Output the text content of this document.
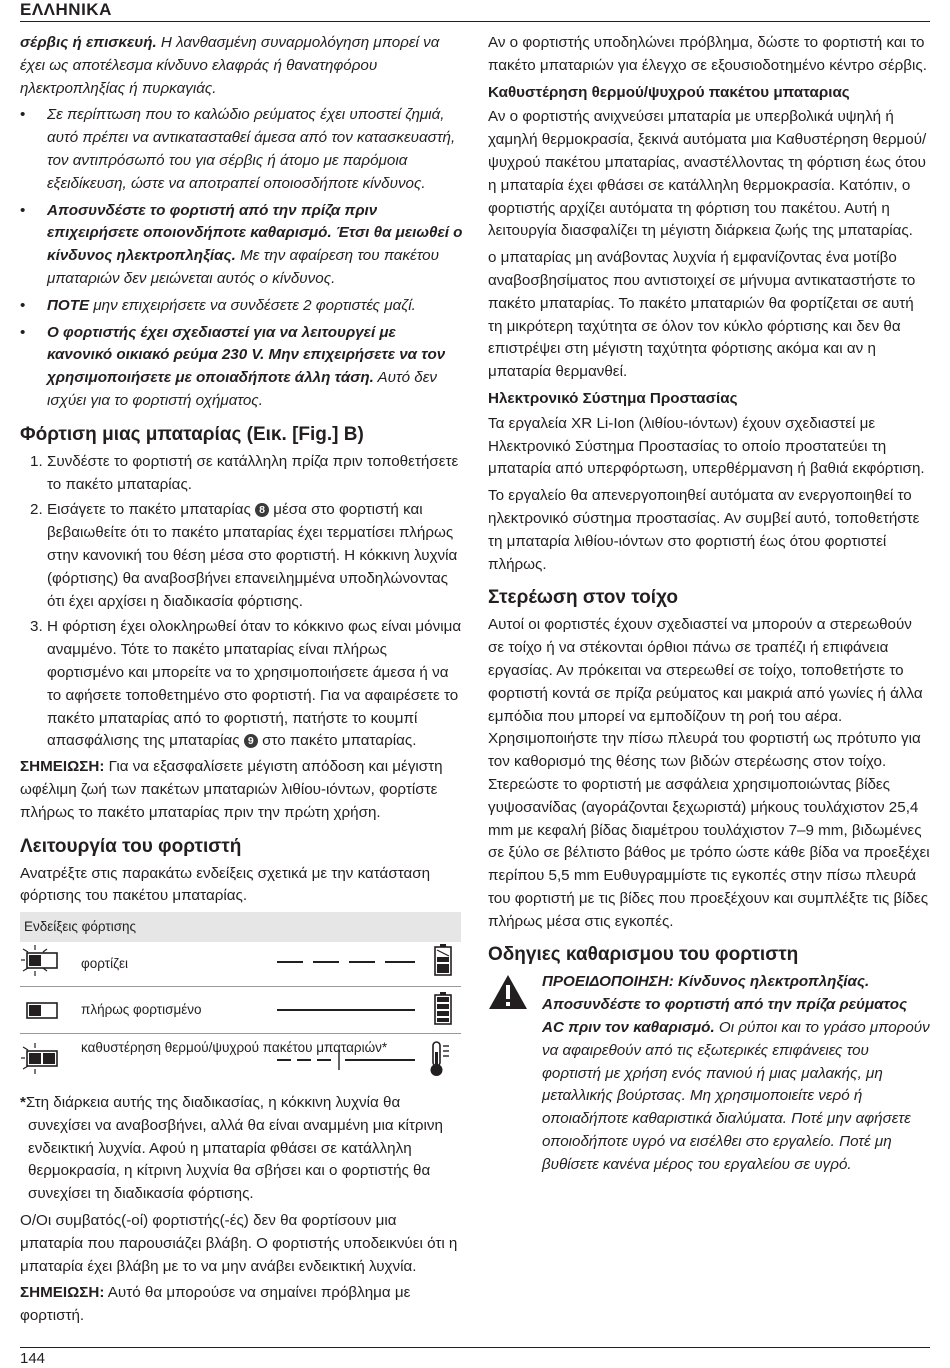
ΕΛΛΗΝΙΚΑ

σέρβις ή επισκευή. Η λανθασμένη συναρμολόγηση μπορεί να έχει ως αποτέλεσμα κίνδυνο ελαφράς ή θανατηφόρου ηλεκτροπληξίας ή πυρκαγιάς.

• Σε περίπτωση που το καλώδιο ρεύματος έχει υποστεί ζημιά, αυτό πρέπει να αντικατασταθεί άμεσα από τον κατασκευαστή, τον αντιπρόσωπό του για σέρβις ή άτομο με παρόμοια εξειδίκευση, ώστε να αποτραπεί οποιοσδήποτε κίνδυνος.

• Αποσυνδέστε το φορτιστή από την πρίζα πριν επιχειρήσετε οποιονδήποτε καθαρισμό. Έτσι θα μειωθεί ο κίνδυνος ηλεκτροπληξίας. Με την αφαίρεση του πακέτου μπαταριών δεν μειώνεται αυτός ο κίνδυνος.

• ΠΟΤΕ μην επιχειρήσετε να συνδέσετε 2 φορτιστές μαζί.

• Ο φορτιστής έχει σχεδιαστεί για να λειτουργεί με κανονικό οικιακό ρεύμα 230 V. Μην επιχειρήσετε να τον χρησιμοποιήσετε με οποιαδήποτε άλλη τάση. Αυτό δεν ισχύει για το φορτιστή οχήματος.

Φόρτιση μιας μπαταρίας (Εικ. [Fig.] B)
1. Συνδέστε το φορτιστή σε κατάλληλη πρίζα πριν τοποθετήσετε το πακέτο μπαταρίας.
2. Εισάγετε το πακέτο μπαταρίας 8 μέσα στο φορτιστή και βεβαιωθείτε ότι το πακέτο μπαταρίας έχει τερματίσει πλήρως στην κανονική του θέση μέσα στο φορτιστή. Η κόκκινη λυχνία (φόρτισης) θα αναβοσβήνει επανειλημμένα υποδηλώνοντας ότι έχει αρχίσει η διαδικασία φόρτισης.
3. Η φόρτιση έχει ολοκληρωθεί όταν το κόκκινο φως είναι μόνιμα αναμμένο. Τότε το πακέτο μπαταρίας είναι πλήρως φορτισμένο και μπορείτε να το χρησιμοποιήσετε άμεσα ή να το αφήσετε τοποθετημένο στο φορτιστή. Για να αφαιρέσετε το πακέτο μπαταρίας από το φορτιστή, πατήστε το κουμπί απασφάλισης της μπαταρίας 9 στο πακέτο μπαταρίας.

ΣΗΜΕΙΩΣΗ: Για να εξασφαλίσετε μέγιστη απόδοση και μέγιστη ωφέλιμη ζωή των πακέτων μπαταριών λιθίου-ιόντων, φορτίστε πλήρως το πακέτο μπαταρίας πριν την πρώτη χρήση.

Λειτουργία του φορτιστή

Ανατρέξτε στις παρακάτω ενδείξεις σχετικά με την κατάσταση φόρτισης του πακέτου μπαταρίας.

Ενδείξεις φόρτισης
φορτίζει
πλήρως φορτισμένο
καθυστέρηση θερμού/ψυχρού πακέτου μπαταριών*

*Στη διάρκεια αυτής της διαδικασίας, η κόκκινη λυχνία θα συνεχίσει να αναβοσβήνει, αλλά θα είναι αναμμένη μια κίτρινη ενδεικτική λυχνία. Αφού η μπαταρία φθάσει σε κατάλληλη θερμοκρασία, η κίτρινη λυχνία θα σβήσει και ο φορτιστής θα συνεχίσει τη διαδικασία φόρτισης.

Ο/Οι συμβατός(-οί) φορτιστής(-ές) δεν θα φορτίσουν μια μπαταρία που παρουσιάζει βλάβη. Ο φορτιστής υποδεικνύει ότι η μπαταρία έχει βλάβη με το να μην ανάβει ενδεικτική λυχνία.

ΣΗΜΕΙΩΣΗ: Αυτό θα μπορούσε να σημαίνει πρόβλημα με φορτιστή.

Αν ο φορτιστής υποδηλώνει πρόβλημα, δώστε το φορτιστή και το πακέτο μπαταριών για έλεγχο σε εξουσιοδοτημένο κέντρο σέρβις.

Καθυστέρηση θερμού/ψυχρού πακέτου μπαταριας

Αν ο φορτιστής ανιχνεύσει μπαταρία με υπερβολικά υψηλή ή χαμηλή θερμοκρασία, ξεκινά αυτόματα μια Καθυστέρηση θερμού/ψυχρού πακέτου μπαταρίας, αναστέλλοντας τη φόρτιση έως ότου η μπαταρία έχει φθάσει σε κατάλληλη θερμοκρασία. Κατόπιν, ο φορτιστής αρχίζει αυτόματα τη φόρτιση του πακέτου. Αυτή η λειτουργία διασφαλίζει τη μέγιστη διάρκεια ζωής της μπαταρίας.

ο μπαταρίας μη ανάβοντας λυχνία ή εμφανίζοντας ένα μοτίβο αναβοσβησίματος που αντιστοιχεί σε μήνυμα αντικαταστήστε το πακέτο μπαταρίας. Το πακέτο μπαταριών θα φορτίζεται σε αυτή τη μικρότερη ταχύτητα σε όλον τον κύκλο φόρτισης και δεν θα επιστρέψει στη μέγιστη ταχύτητα φόρτισης ακόμα και αν η μπαταρία θερμανθεί.

Ηλεκτρονικό Σύστημα Προστασίας

Τα εργαλεία XR Li-Ion (λιθίου-ιόντων) έχουν σχεδιαστεί με Ηλεκτρονικό Σύστημα Προστασίας το οποίο προστατεύει τη μπαταρία από υπερφόρτωση, υπερθέρμανση ή βαθιά εκφόρτιση.

Το εργαλείο θα απενεργοποιηθεί αυτόματα αν ενεργοποιηθεί το ηλεκτρονικό σύστημα προστασίας. Αν συμβεί αυτό, τοποθετήστε τη μπαταρία λιθίου-ιόντων στο φορτιστή έως ότου φορτιστεί πλήρως.

Στερέωση στον τοίχο

Αυτοί οι φορτιστές έχουν σχεδιαστεί να μπορούν α στερεωθούν σε τοίχο ή να στέκονται όρθιοι πάνω σε τραπέζι ή επιφάνεια εργασίας. Αν πρόκειται να στερεωθεί σε τοίχο, τοποθετήστε το φορτιστή κοντά σε πρίζα ρεύματος και μακριά από γωνίες ή άλλα εμπόδια που μπορεί να εμποδίζουν τη ροή του αέρα. Χρησιμοποιήστε την πίσω πλευρά του φορτιστή ως πρότυπο για τον καθορισμό της θέσης των βιδών στερέωσης στον τοίχο. Στερεώστε το φορτιστή με ασφάλεια χρησιμοποιώντας βίδες γυψοσανίδας (αγοράζονται ξεχωριστά) μήκους τουλάχιστον 25,4 mm με κεφαλή βίδας διαμέτρου τουλάχιστον 7–9 mm, βιδωμένες σε ξύλο σε βέλτιστο βάθος με τρόπο ώστε κάθε βίδα να προεξέχει περίπου 5,5 mm Ευθυγραμμίστε τις εγκοπές στην πίσω πλευρά του φορτιστή με τις βίδες που προεξέχουν και συμπλέξτε τις βίδες πλήρως μέσα στις εγκοπές.

Οδηγιες καθαρισμου του φορτιστη

ΠΡΟΕΙΔΟΠΟΙΗΣΗ: Κίνδυνος ηλεκτροπληξίας. Αποσυνδέστε το φορτιστή από την πρίζα ρεύματος AC πριν τον καθαρισμό. Οι ρύποι και το γράσο μπορούν να αφαιρεθούν από τις εξωτερικές επιφάνειες του φορτιστή με χρήση ενός πανιού ή μιας μαλακής, μη μεταλλικής βούρτσας. Μη χρησιμοποιείτε νερό ή οποιαδήποτε καθαριστικά διαλύματα. Ποτέ μην αφήσετε οποιοδήποτε υγρό να εισέλθει στο εργαλείο. Ποτέ μη βυθίσετε κανένα μέρος του εργαλείου σε υγρό.

144
